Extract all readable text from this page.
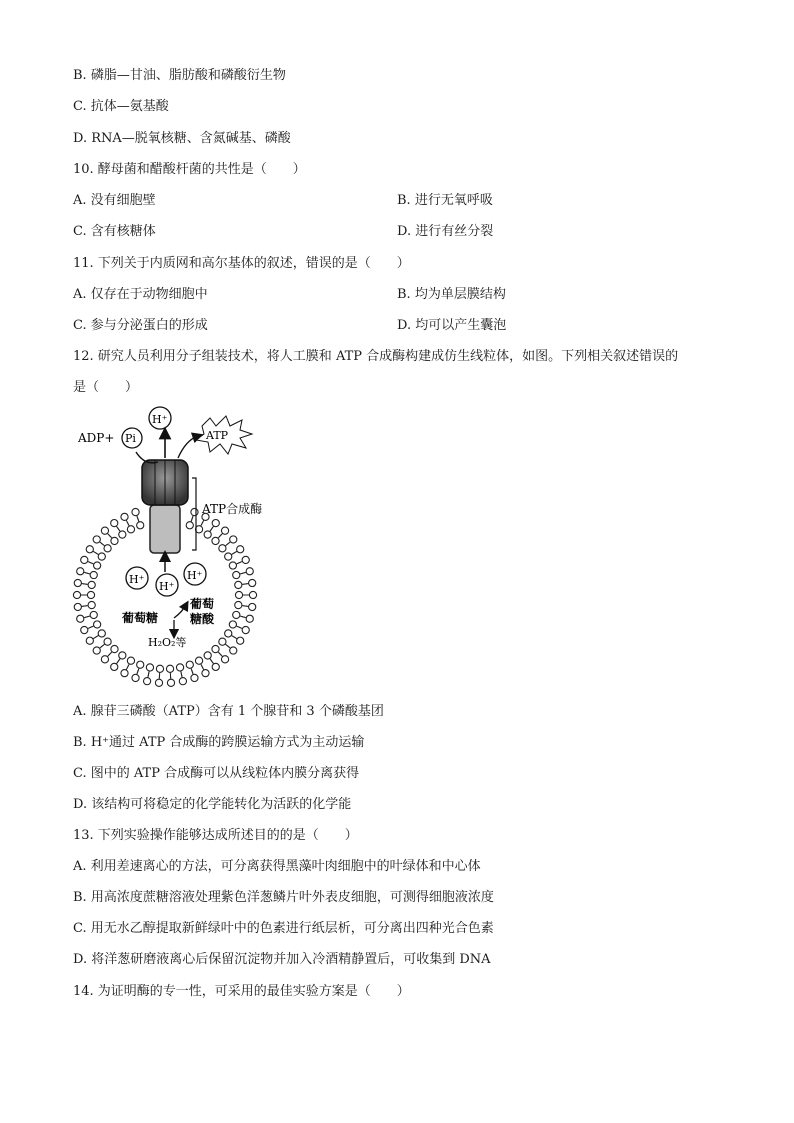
B. 磷脂—甘油、脂肪酸和磷酸衍生物
C. 抗体—氨基酸
D. RNA—脱氧核糖、含氮碱基、磷酸
10. 酵母菌和醋酸杆菌的共性是（　　）
A. 没有细胞壁	B. 进行无氧呼吸
C. 含有核糖体	D. 进行有丝分裂
11. 下列关于内质网和高尔基体的叙述，错误的是（　　）
A. 仅存在于动物细胞中	B. 均为单层膜结构
C. 参与分泌蛋白的形成	D. 均可以产生囊泡
12. 研究人员利用分子组装技术，将人工膜和 ATP 合成酶构建成仿生线粒体，如图。下列相关叙述错误的
是（　　）
ATP合成酶
ADP+ Pi
H⁺
ATP
H⁺
H⁺
H⁺
葡萄糖
葡萄
糖酸
H₂O₂等
A. 腺苷三磷酸（ATP）含有 1 个腺苷和 3 个磷酸基团
B. H⁺通过 ATP 合成酶的跨膜运输方式为主动运输
C. 图中的 ATP 合成酶可以从线粒体内膜分离获得
D. 该结构可将稳定的化学能转化为活跃的化学能
13. 下列实验操作能够达成所述目的的是（　　）
A. 利用差速离心的方法，可分离获得黑藻叶肉细胞中的叶绿体和中心体
B. 用高浓度蔗糖溶液处理紫色洋葱鳞片叶外表皮细胞，可测得细胞液浓度
C. 用无水乙醇提取新鲜绿叶中的色素进行纸层析，可分离出四种光合色素
D. 将洋葱研磨液离心后保留沉淀物并加入冷酒精静置后，可收集到 DNA
14. 为证明酶的专一性，可采用的最佳实验方案是（　　）
